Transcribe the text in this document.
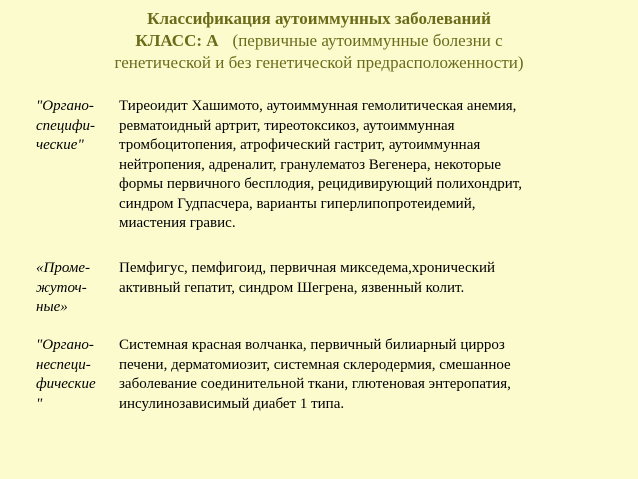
Классификация аутоиммунных заболеваний
КЛАСС: А (первичные аутоиммунные болезни с
генетической и без генетической предрасположенности)
"Органо-
специфи-
ческие"
Тиреоидит Хашимото, аутоиммунная гемолитическая анемия,
ревматоидный артрит, тиреотоксикоз, аутоиммунная
тромбоцитопения, атрофический гастрит, аутоиммунная
нейтропения, адреналит, гранулематоз Вегенера, некоторые
формы первичного бесплодия, рецидивирующий полихондрит,
синдром Гудпасчера, варианты гиперлипопротеидемий,
миастения гравис.
«Проме-
жуточ-
ные»
Пемфигус, пемфигоид, первичная микседема,хронический
активный гепатит, синдром Шегрена, язвенный колит.
"Органо-
неспеци-
фические
"
Системная красная волчанка, первичный билиарный цирроз
печени, дерматомиозит, системная склеродермия, смешанное
заболевание соединительной ткани, глютеновая энтеропатия,
инсулинозависимый диабет 1 типа.
